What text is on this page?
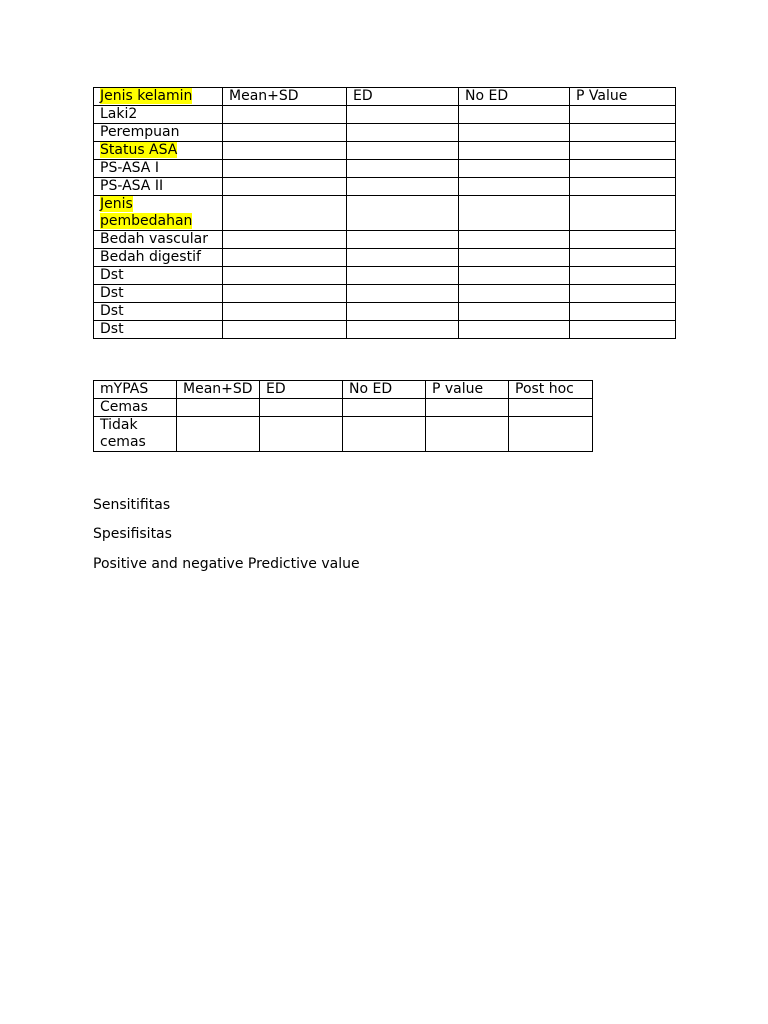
Jenis kelamin	Mean+SD	ED	No ED	P Value
Laki2				
Perempuan				
Status ASA				
PS-ASA I				
PS-ASA II				
Jenis pembedahan				
Bedah vascular				
Bedah digestif				
Dst				
Dst				
Dst				
Dst				
mYPAS	Mean+SD	ED	No ED	P value	Post hoc
Cemas					
Tidak cemas					

Sensitifitas

Spesifisitas

Positive and negative Predictive value
